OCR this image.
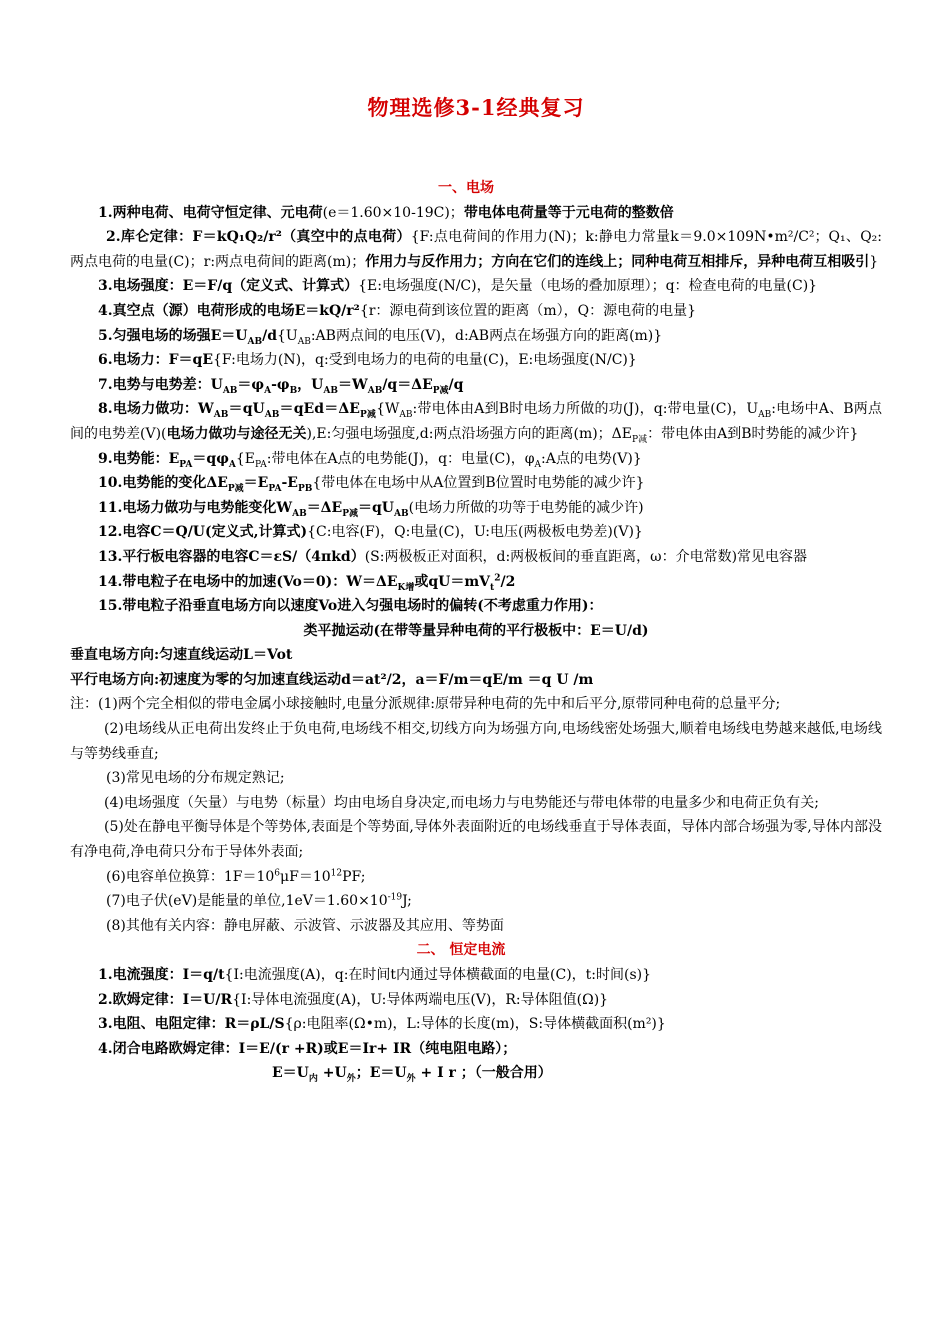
物理选修3-1经典复习
一、电场
1.两种电荷、电荷守恒定律、元电荷(e＝1.60×10-19C)；带电体电荷量等于元电荷的整数倍
2.库仑定律：F＝kQ₁Q₂/r²（真空中的点电荷）{F:点电荷间的作用力(N)；k:静电力常量k＝9.0×109N•m²/C²；Q₁、Q₂:两点电荷的电量(C)；r:两点电荷间的距离(m)；作用力与反作用力；方向在它们的连线上；同种电荷互相排斥，异种电荷互相吸引}
3.电场强度：E＝F/q（定义式、计算式）{E:电场强度(N/C)，是矢量（电场的叠加原理）；q：检查电荷的电量(C)}
4.真空点（源）电荷形成的电场E＝kQ/r²{r：源电荷到该位置的距离（m），Q：源电荷的电量}
5.匀强电场的场强$E=U_{AB}/d\{U_{AB}:AB$两点间的电压(V)，d:AB两点在场强方向的距离(m)}
6.电场力：F＝qE{F:电场力(N)，q:受到电场力的电荷的电量(C)，E:电场强度(N/C)}
7.电势与电势差：$U_{AB}=\varphi_A-\varphi_B$，$U_{AB}=W_{AB}/q=\Delta E_{P减}/q$
8.电场力做功：$W_{AB}=qU_{AB}=qEd=\Delta E_{P减}\{W_{AB}$:带电体由A到B时电场力所做的功(J)，q:带电量(C)，$U_{AB}$:电场中A、B两点间的电势差(V)(电场力做功与途径无关),E:匀强电场强度,d:两点沿场强方向的距离(m)；$\Delta E_{P减}$：带电体由A到B时势能的减少许}
9.电势能：$E_{PA}=q\varphi_A\{E_{PA}$:带电体在A点的电势能(J)，q：电量(C)，$\varphi_A:A$点的电势(V)}
10.电势能的变化$\Delta E_{P减}=E_{PA}-E_{PB}${带电体在电场中从A位置到B位置时电势能的减少许}
11.电场力做功与电势能变化$W_{AB}=\Delta E_{P减}=qU_{AB}$(电场力所做的功等于电势能的减少许)
12.电容C＝Q/U(定义式,计算式){C:电容(F)，Q:电量(C)，U:电压(两极板电势差)(V)}
13.平行板电容器的电容C＝εS/（4πkd）(S:两极板正对面积，d:两极板间的垂直距离，ω：介电常数)常见电容器
14.带电粒子在电场中的加速(Vo＝0)：$W=\Delta E_{K增}$或$qU=mV_t^2/2$
15.带电粒子沿垂直电场方向以速度Vo进入匀强电场时的偏转(不考虑重力作用)：
类平抛运动(在带等量异种电荷的平行极板中：E＝U/d)
垂直电场方向:匀速直线运动L＝Vot
平行电场方向:初速度为零的匀加速直线运动d＝at²/2，a＝F/m＝qE/m ＝q U /m
注：(1)两个完全相似的带电金属小球接触时,电量分派规律:原带异种电荷的先中和后平分,原带同种电荷的总量平分;
(2)电场线从正电荷出发终止于负电荷,电场线不相交,切线方向为场强方向,电场线密处场强大,顺着电场线电势越来越低,电场线与等势线垂直;
(3)常见电场的分布规定熟记;
(4)电场强度（矢量）与电势（标量）均由电场自身决定,而电场力与电势能还与带电体带的电量多少和电荷正负有关;
(5)处在静电平衡导体是个等势体,表面是个等势面,导体外表面附近的电场线垂直于导体表面，导体内部合场强为零,导体内部没有净电荷,净电荷只分布于导体外表面;
(6)电容单位换算：$1F=10^6\mu F=10^{12}PF$;
(7)电子伏(eV)是能量的单位$,1eV=1.60\times 10^{-19}J$;
(8)其他有关内容：静电屏蔽、示波管、示波器及其应用、等势面
二、 恒定电流
1.电流强度：I＝q/t{I:电流强度(A)，q:在时间t内通过导体横截面的电量(C)，t:时间(s)}
2.欧姆定律：I＝U/R{I:导体电流强度(A)，U:导体两端电压(V)，R:导体阻值(Ω)}
3.电阻、电阻定律：R＝ρL/S{ρ:电阻率(Ω•m)，L:导体的长度(m)，S:导体横截面积(m²)}
4.闭合电路欧姆定律：I＝E/(r +R)或E＝Ir+ IR（纯电阻电路）；
$E=U_内 +U_外$；$E=U_外 + I$ r ；（一般合用）
